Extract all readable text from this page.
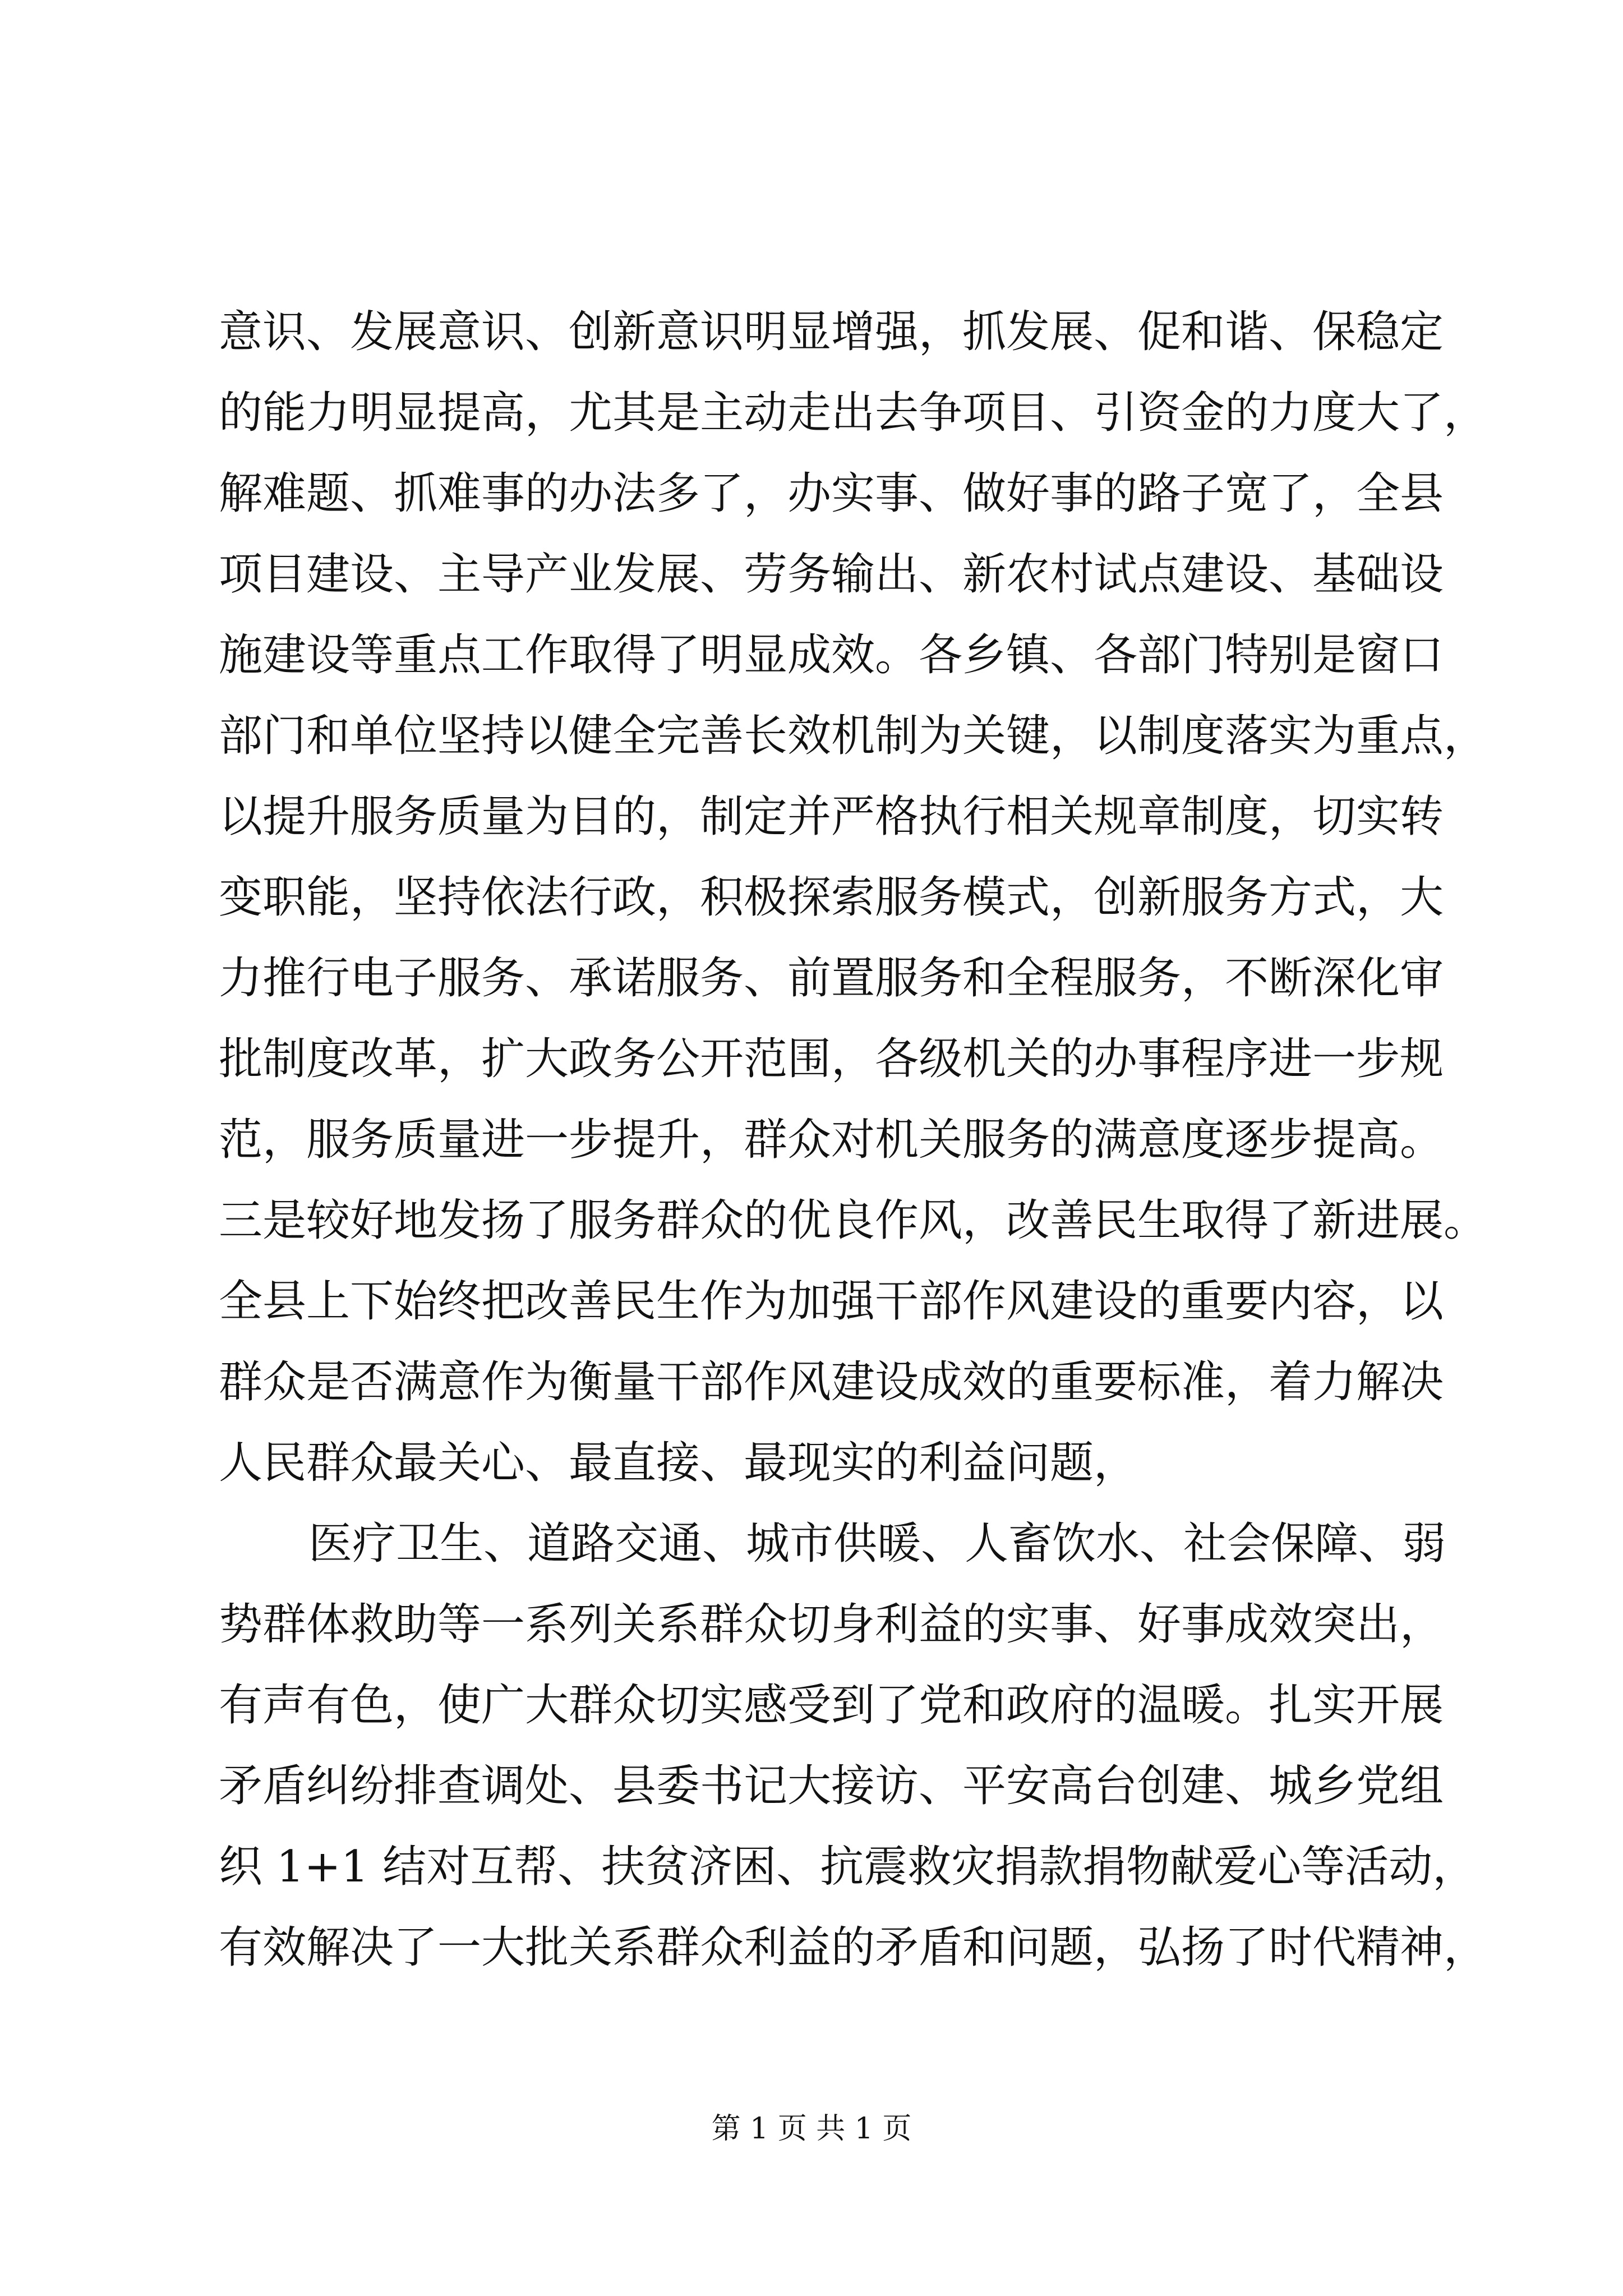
意识、发展意识、创新意识明显增强，抓发展、促和谐、保稳定
的能力明显提高，尤其是主动走出去争项目、引资金的力度大了，
解难题、抓难事的办法多了，办实事、做好事的路子宽了，全县
项目建设、主导产业发展、劳务输出、新农村试点建设、基础设
施建设等重点工作取得了明显成效。各乡镇、各部门特别是窗口
部门和单位坚持以健全完善长效机制为关键，以制度落实为重点，
以提升服务质量为目的，制定并严格执行相关规章制度，切实转
变职能，坚持依法行政，积极探索服务模式，创新服务方式，大
力推行电子服务、承诺服务、前置服务和全程服务，不断深化审
批制度改革，扩大政务公开范围，各级机关的办事程序进一步规
范，服务质量进一步提升，群众对机关服务的满意度逐步提高。
三是较好地发扬了服务群众的优良作风，改善民生取得了新进展。
全县上下始终把改善民生作为加强干部作风建设的重要内容，以
群众是否满意作为衡量干部作风建设成效的重要标准，着力解决
人民群众最关心、最直接、最现实的利益问题，
医疗卫生、道路交通、城市供暖、人畜饮水、社会保障、弱
势群体救助等一系列关系群众切身利益的实事、好事成效突出，
有声有色，使广大群众切实感受到了党和政府的温暖。扎实开展
矛盾纠纷排查调处、县委书记大接访、平安高台创建、城乡党组
织 1+1 结对互帮、扶贫济困、抗震救灾捐款捐物献爱心等活动，
有效解决了一大批关系群众利益的矛盾和问题，弘扬了时代精神，
第 1 页 共 1 页
